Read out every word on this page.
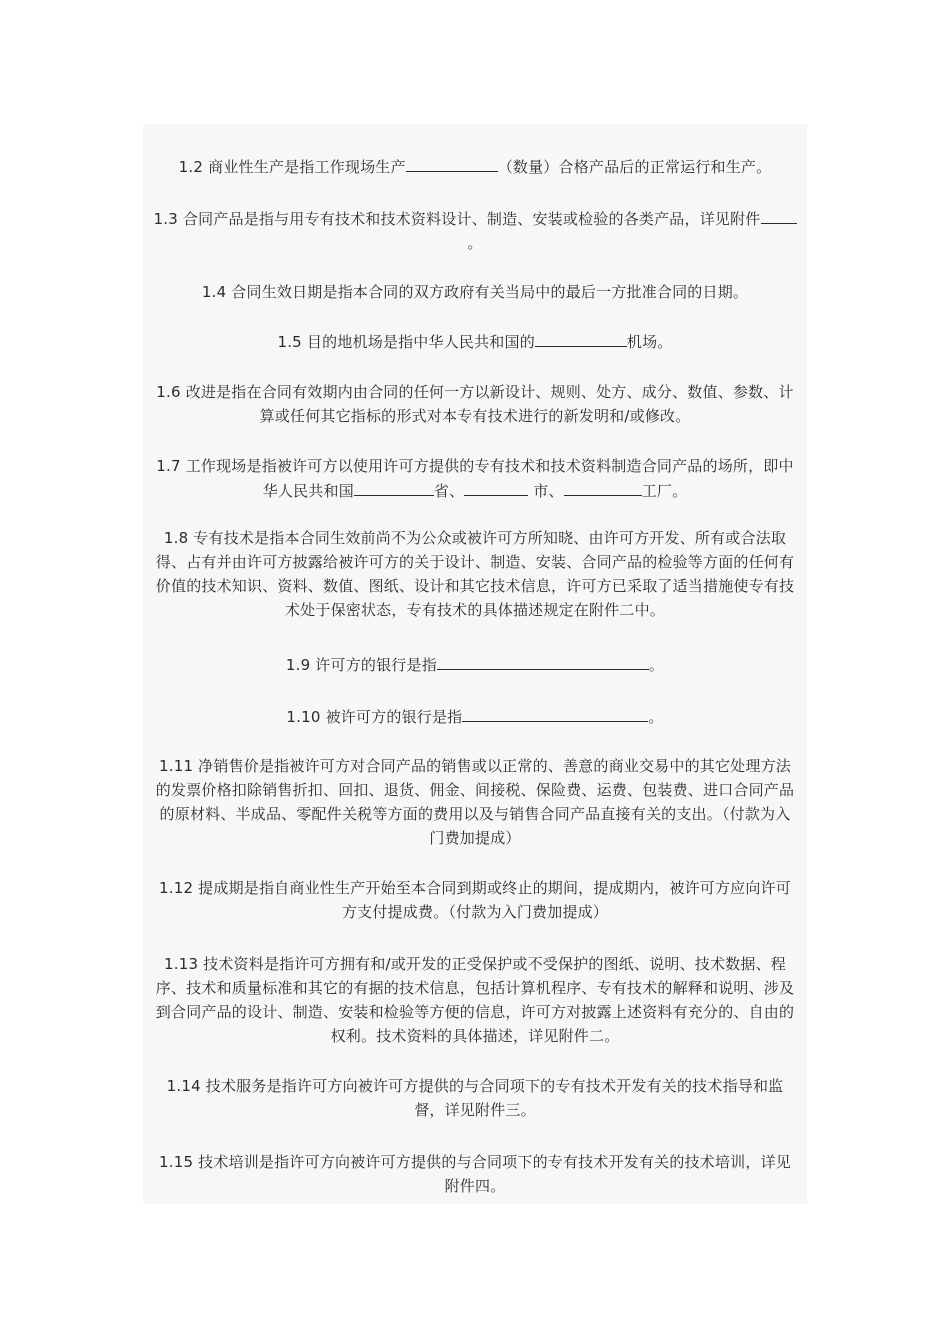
1.2 商业性生产是指工作现场生产	（数量）合格产品后的正常运行和生产。

1.3 合同产品是指与用专有技术和技术资料设计、制造、安装或检验的各类产品，详见附件。

1.4 合同生效日期是指本合同的双方政府有关当局中的最后一方批准合同的日期。

1.5 目的地机场是指中华人民共和国的	机场。

1.6 改进是指在合同有效期内由合同的任何一方以新设计、规则、处方、成分、数值、参数、计算或任何其它指标的形式对本专有技术进行的新发明和/或修改。

1.7 工作现场是指被许可方以使用许可方提供的专有技术和技术资料制造合同产品的场所，即中华人民共和国	省、	市、	工厂。

1.8 专有技术是指本合同生效前尚不为公众或被许可方所知晓、由许可方开发、所有或合法取得、占有并由许可方披露给被许可方的关于设计、制造、安装、合同产品的检验等方面的任何有价值的技术知识、资料、数值、图纸、设计和其它技术信息，许可方已采取了适当措施使专有技术处于保密状态，专有技术的具体描述规定在附件二中。

1.9 许可方的银行是指	。

1.10 被许可方的银行是指	。

1.11 净销售价是指被许可方对合同产品的销售或以正常的、善意的商业交易中的其它处理方法的发票价格扣除销售折扣、回扣、退货、佣金、间接税、保险费、运费、包装费、进口合同产品的原材料、半成品、零配件关税等方面的费用以及与销售合同产品直接有关的支出。（付款为入门费加提成）

1.12 提成期是指自商业性生产开始至本合同到期或终止的期间，提成期内，被许可方应向许可方支付提成费。（付款为入门费加提成）

1.13 技术资料是指许可方拥有和/或开发的正受保护或不受保护的图纸、说明、技术数据、程序、技术和质量标准和其它的有据的技术信息，包括计算机程序、专有技术的解释和说明、涉及到合同产品的设计、制造、安装和检验等方便的信息，许可方对披露上述资料有充分的、自由的权利。技术资料的具体描述，详见附件二。

1.14 技术服务是指许可方向被许可方提供的与合同项下的专有技术开发有关的技术指导和监督，详见附件三。

1.15 技术培训是指许可方向被许可方提供的与合同项下的专有技术开发有关的技术培训，详见附件四。
